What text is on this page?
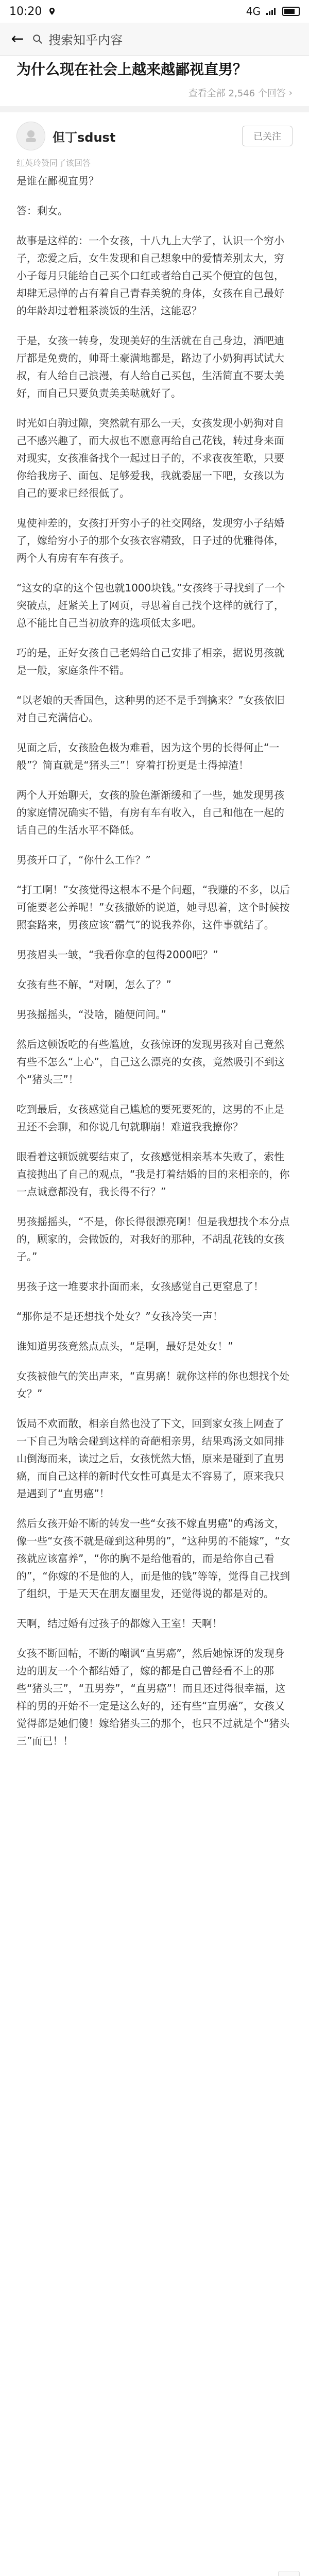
10:20	4G
← 搜索知乎内容
为什么现在社会上越来越鄙视直男？
查看全部 2,546 个回答 ›
但丁sdust	已关注
红英玲赞同了该回答

是谁在鄙视直男？

答：剩女。

故事是这样的：一个女孩，十八九上大学了，认识一个穷小子，恋爱之后，女生发现和自己想象中的爱情差别太大，穷小子每月只能给自己买个口红或者给自己买个便宜的包包，却肆无忌惮的占有着自己青春美貌的身体，女孩在自己最好的年龄却过着粗茶淡饭的生活，这能忍？

于是，女孩一转身，发现美好的生活就在自己身边，酒吧迪厅都是免费的，帅哥土豪满地都是，路边了小奶狗再试试大叔，有人给自己浪漫，有人给自己买包，生活简直不要太美好，而自己只要负责美美哒就好了。

时光如白驹过隙，突然就有那么一天，女孩发现小奶狗对自己不感兴趣了，而大叔也不愿意再给自己花钱，转过身来面对现实，女孩准备找个一起过日子的，不求夜夜笙歌，只要你给我房子、面包、足够爱我，我就委屈一下吧，女孩以为自己的要求已经很低了。

鬼使神差的，女孩打开穷小子的社交网络，发现穷小子结婚了，嫁给穷小子的那个女孩衣容精致，日子过的优雅得体，两个人有房有车有孩子。

“这女的拿的这个包也就1000块钱。”女孩终于寻找到了一个突破点，赶紧关上了网页，寻思着自己找个这样的就行了，总不能比自己当初放弃的选项低太多吧。

巧的是，正好女孩自己老妈给自己安排了相亲，据说男孩就是一般，家庭条件不错。

“以老娘的天香国色，这种男的还不是手到擒来？”女孩依旧对自己充满信心。

见面之后，女孩脸色极为难看，因为这个男的长得何止“一般”？简直就是“猪头三”！穿着打扮更是土得掉渣！

两个人开始聊天，女孩的脸色渐渐缓和了一些，她发现男孩的家庭情况确实不错，有房有车有收入，自己和他在一起的话自己的生活水平不降低。

男孩开口了，“你什么工作？”

“打工啊！”女孩觉得这根本不是个问题，“我赚的不多，以后可能要老公养呢！”女孩撒娇的说道，她寻思着，这个时候按照套路来，男孩应该“霸气”的说我养你，这件事就结了。

男孩眉头一皱，“我看你拿的包得2000吧？”

女孩有些不解，“对啊，怎么了？”

男孩摇摇头，“没啥，随便问问。”

然后这顿饭吃的有些尴尬，女孩惊讶的发现男孩对自己竟然有些不怎么“上心”，自己这么漂亮的女孩，竟然吸引不到这个“猪头三”！

吃到最后，女孩感觉自己尴尬的要死要死的，这男的不止是丑还不会聊，和你说几句就聊崩！难道我我撩你？

眼看着这顿饭就要结束了，女孩感觉相亲基本失败了，索性直接抛出了自己的观点，“我是打着结婚的目的来相亲的，你一点诚意都没有，我长得不行？”

男孩摇摇头，“不是，你长得很漂亮啊！但是我想找个本分点的，顾家的，会做饭的，对我好的那种，不胡乱花钱的女孩子。”

男孩子这一堆要求扑面而来，女孩感觉自己更窒息了！

“那你是不是还想找个处女？”女孩冷笑一声！

谁知道男孩竟然点点头，“是啊，最好是处女！”

女孩被他气的笑出声来，“直男癌！就你这样的你也想找个处女？”

饭局不欢而散，相亲自然也没了下文，回到家女孩上网查了一下自己为啥会碰到这样的奇葩相亲男，结果鸡汤文如同排山倒海而来，读过之后，女孩恍然大悟，原来是碰到了直男癌，而自己这样的新时代女性可真是太不容易了，原来我只是遇到了“直男癌”！

然后女孩开始不断的转发一些“女孩不嫁直男癌”的鸡汤文，像一些“女孩不就是碰到这种男的”，“这种男的不能嫁”，“女孩就应该富养”，“你的胸不是给他看的，而是给你自己看的”，“你嫁的不是他的人，而是他的钱”等等，觉得自己找到了组织，于是天天在朋友圈里发，还觉得说的都是对的。

天啊，结过婚有过孩子的都嫁入王室！天啊！

女孩不断回帖，不断的嘲讽“直男癌”，然后她惊讶的发现身边的朋友一个个都结婚了，嫁的都是自己曾经看不上的那些“猪头三”，“丑男券”，“直男癌”！而且还过得很幸福，这样的男的开始不一定是这么好的，还有些“直男癌”，女孩又觉得都是她们傻！嫁给猪头三的那个，也只不过就是个“猪头三”而已！！
